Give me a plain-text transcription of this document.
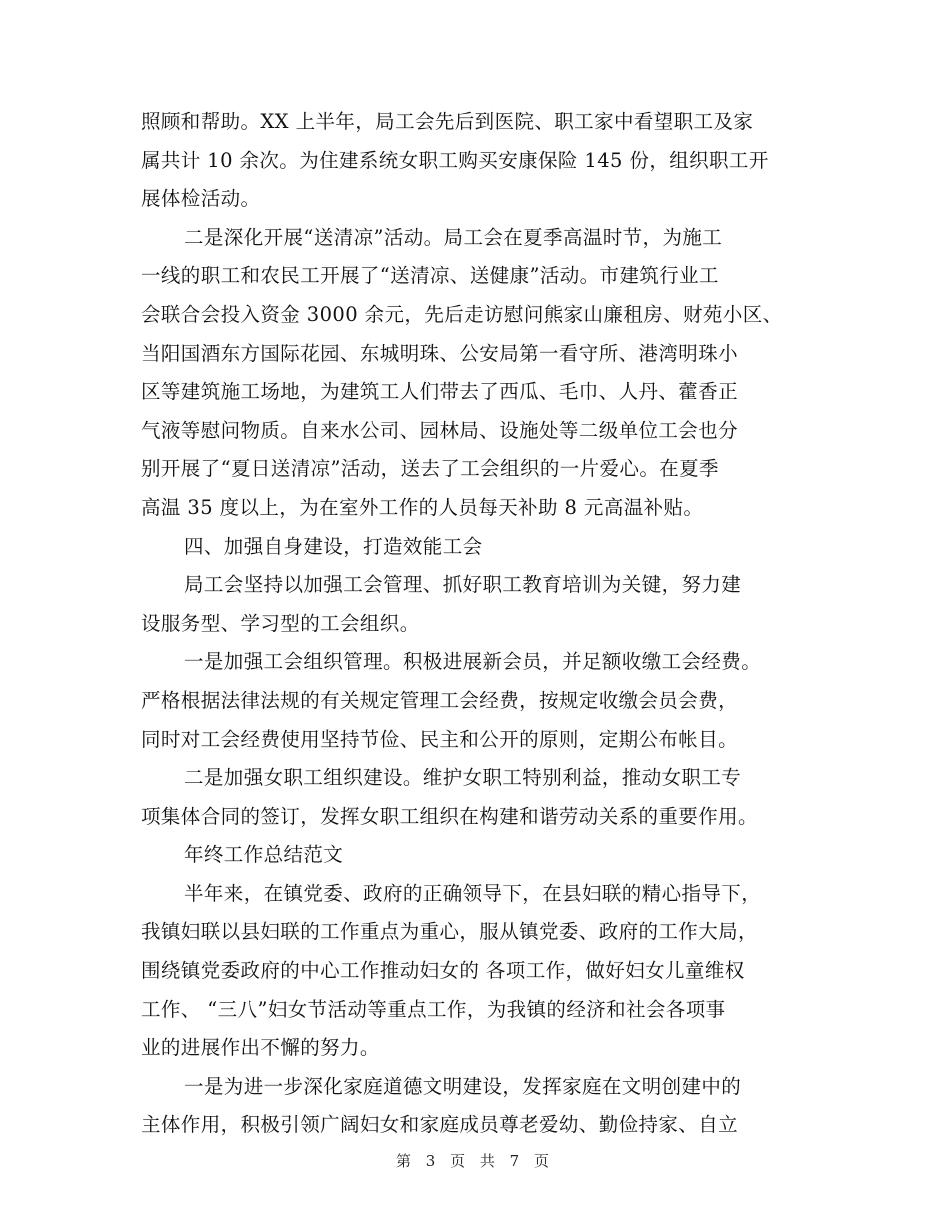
照顾和帮助。XX 上半年，局工会先后到医院、职工家中看望职工及家
属共计 10 余次。为住建系统女职工购买安康保险 145 份，组织职工开
展体检活动。
二是深化开展“送清凉”活动。局工会在夏季高温时节，为施工
一线的职工和农民工开展了“送清凉、送健康”活动。市建筑行业工
会联合会投入资金 3000 余元，先后走访慰问熊家山廉租房、财苑小区、
当阳国酒东方国际花园、东城明珠、公安局第一看守所、港湾明珠小
区等建筑施工场地，为建筑工人们带去了西瓜、毛巾、人丹、藿香正
气液等慰问物质。自来水公司、园林局、设施处等二级单位工会也分
别开展了“夏日送清凉”活动，送去了工会组织的一片爱心。在夏季
高温 35 度以上，为在室外工作的人员每天补助 8 元高温补贴。
四、加强自身建设，打造效能工会
局工会坚持以加强工会管理、抓好职工教育培训为关键，努力建
设服务型、学习型的工会组织。
一是加强工会组织管理。积极进展新会员，并足额收缴工会经费。
严格根据法律法规的有关规定管理工会经费，按规定收缴会员会费，
同时对工会经费使用坚持节俭、民主和公开的原则，定期公布帐目。
二是加强女职工组织建设。维护女职工特别利益，推动女职工专
项集体合同的签订，发挥女职工组织在构建和谐劳动关系的重要作用。
年终工作总结范文
半年来，在镇党委、政府的正确领导下，在县妇联的精心指导下，
我镇妇联以县妇联的工作重点为重心，服从镇党委、政府的工作大局，
围绕镇党委政府的中心工作推动妇女的 各项工作，做好妇女儿童维权
工作、 “三八”妇女节活动等重点工作，为我镇的经济和社会各项事
业的进展作出不懈的努力。
一是为进一步深化家庭道德文明建设，发挥家庭在文明创建中的
主体作用，积极引领广阔妇女和家庭成员尊老爱幼、勤俭持家、自立
第 3 页 共 7 页
